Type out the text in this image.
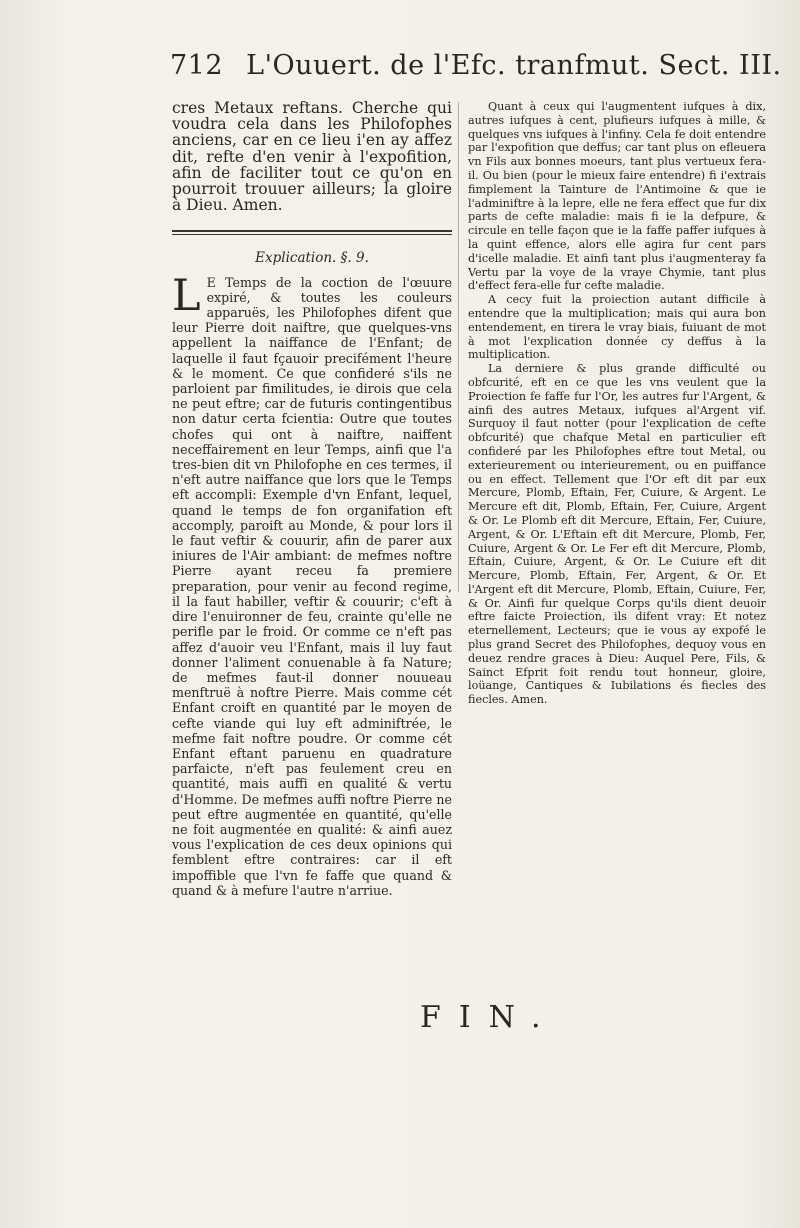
712 L'Ouuert. de l'Efc. tranfmut. Sect. III.

cres Metaux reftans. Cherche qui voudra cela dans les Philofophes anciens, car en ce lieu i'en ay affez dit, refte d'en venir à l'expofition, afin de faciliter tout ce qu'on en pourroit trouuer ailleurs; la gloire à Dieu. Amen.

Explication. §. 9.

L E Temps de la coction de l'œuure expiré, & toutes les couleurs apparuës, les Philofophes difent que leur Pierre doit naiftre, que quelques-vns appellent la naiffance de l'Enfant; de laquelle il faut fçauoir precifément l'heure & le moment. Ce que confideré s'ils ne parloient par fimilitudes, ie dirois que cela ne peut eftre; car de futuris contingentibus non datur certa fcientia: Outre que toutes chofes qui ont à naiftre, naiffent neceffairement en leur Temps, ainfi que l'a tres-bien dit vn Philofophe en ces termes, il n'eft autre naiffance que lors que le Temps eft accompli: Exemple d'vn Enfant, lequel, quand le temps de fon organifation eft accomply, paroift au Monde, & pour lors il le faut veftir & couurir, afin de parer aux iniures de l'Air ambiant: de mefmes noftre Pierre ayant receu fa premiere preparation, pour venir au fecond regime, il la faut habiller, veftir & couurir; c'eft à dire l'enuironner de feu, crainte qu'elle ne perifle par le froid. Or comme ce n'eft pas affez d'auoir veu l'Enfant, mais il luy faut donner l'aliment conuenable à fa Nature; de mefmes faut-il donner nouueau menftruë à noftre Pierre. Mais comme cét Enfant croift en quantité par le moyen de cefte viande qui luy eft adminiftrée, le mefme fait noftre poudre. Or comme cét Enfant eftant paruenu en quadrature parfaicte, n'eft pas feulement creu en quantité, mais auffi en qualité & vertu d'Homme. De mefmes auffi noftre Pierre ne peut eftre augmentée en quantité, qu'elle ne foit augmentée en qualité: & ainfi auez vous l'explication de ces deux opinions qui femblent eftre contraires: car il eft impoffible que l'vn fe faffe que quand & quand & à mefure l'autre n'arriue.

Quant à ceux qui l'augmentent iufques à dix, autres iufques à cent, plufieurs iufques à mille, & quelques vns iufques à l'infiny. Cela fe doit entendre par l'expofition que deffus; car tant plus on efleuera vn Fils aux bonnes moeurs, tant plus vertueux fera-il. Ou bien (pour le mieux faire entendre) fi i'extrais fimplement la Tainture de l'Antimoine & que ie l'adminiftre à la lepre, elle ne fera effect que fur dix parts de cefte maladie: mais fi ie la defpure, & circule en telle façon que ie la faffe paffer iufques à la quint effence, alors elle agira fur cent pars d'icelle maladie. Et ainfi tant plus i'augmenteray fa Vertu par la voye de la vraye Chymie, tant plus d'effect fera-elle fur cefte maladie.

A cecy fuit la proiection autant difficile à entendre que la multiplication; mais qui aura bon entendement, en tirera le vray biais, fuiuant de mot à mot l'explication donnée cy deffus à la multiplication.

La derniere & plus grande difficulté ou obfcurité, eft en ce que les vns veulent que la Proiection fe faffe fur l'Or, les autres fur l'Argent, & ainfi des autres Metaux, iufques al'Argent vif. Surquoy il faut notter (pour l'explication de cefte obfcurité) que chafque Metal en particulier eft confideré par les Philofophes eftre tout Metal, ou exterieurement ou interieurement, ou en puiffance ou en effect. Tellement que l'Or eft dit par eux Mercure, Plomb, Eftain, Fer, Cuiure, & Argent. Le Mercure eft dit, Plomb, Eftain, Fer, Cuiure, Argent & Or. Le Plomb eft dit Mercure, Eftain, Fer, Cuiure, Argent, & Or. L'Eftain eft dit Mercure, Plomb, Fer, Cuiure, Argent & Or. Le Fer eft dit Mercure, Plomb, Eftain, Cuiure, Argent, & Or. Le Cuiure eft dit Mercure, Plomb, Eftain, Fer, Argent, & Or. Et l'Argent eft dit Mercure, Plomb, Eftain, Cuiure, Fer, & Or. Ainfi fur quelque Corps qu'ils dient deuoir eftre faicte Proiection, ils difent vray: Et notez eternellement, Lecteurs; que ie vous ay expofé le plus grand Secret des Philofophes, dequoy vous en deuez rendre graces à Dieu: Auquel Pere, Fils, & Sainct Efprit foit rendu tout honneur, gloire, loüange, Cantiques & Iubilations és fiecles des fiecles. Amen.

FIN.
